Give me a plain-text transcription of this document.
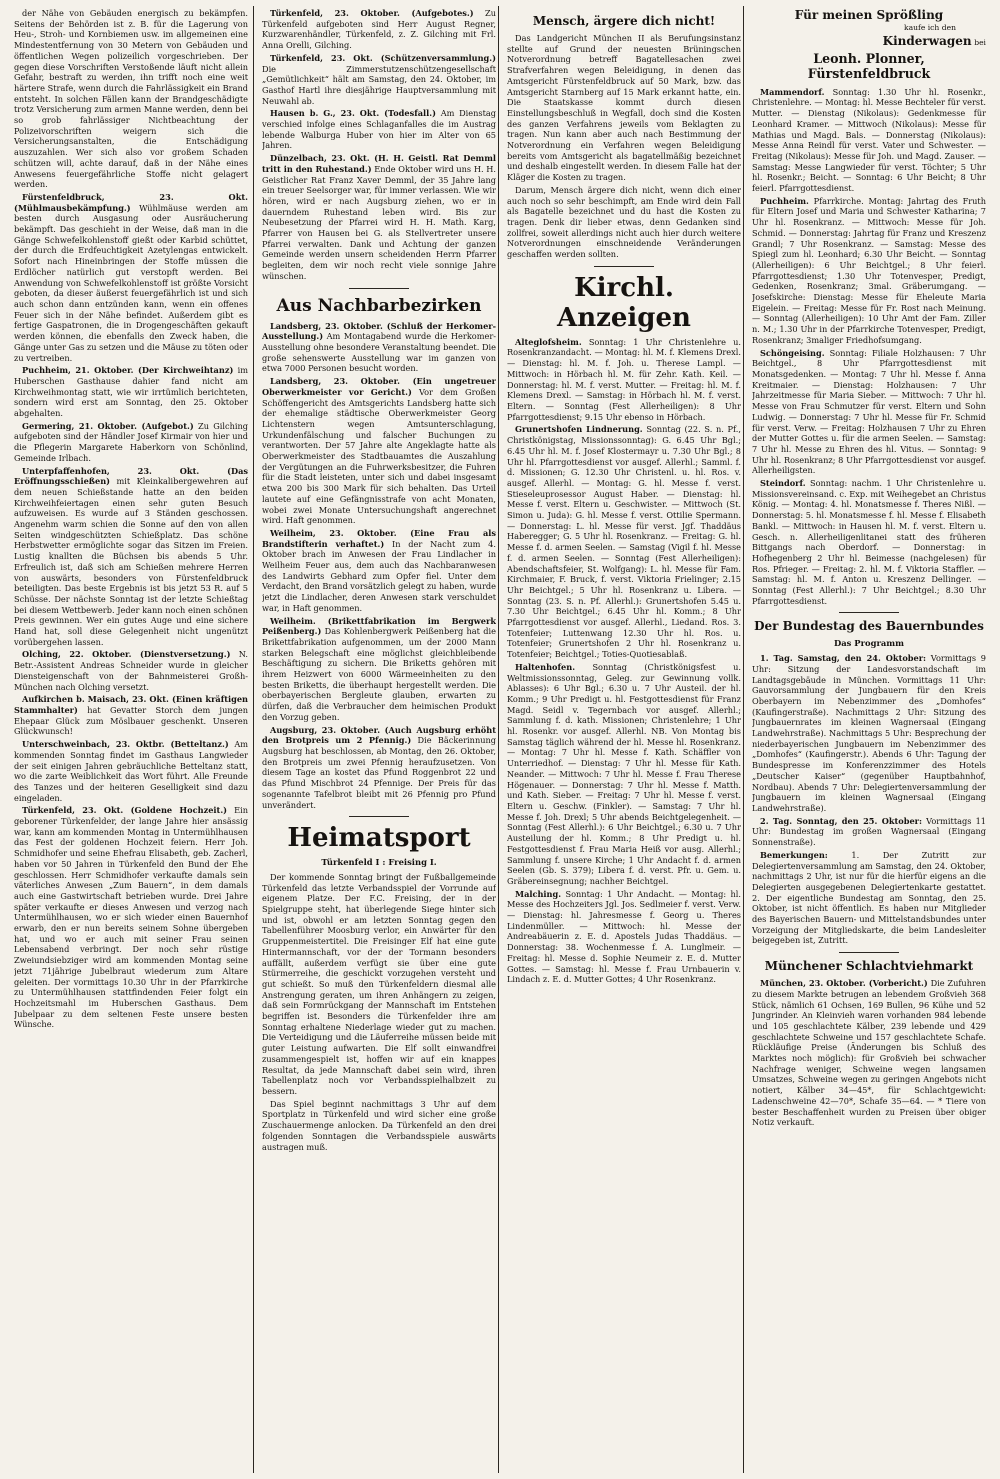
der Nähe von Gebäuden energisch zu bekämpfen. Seitens der Behörden ist z. B. für die Lagerung von Heu-, Stroh- und Kornbiemen usw. im allgemeinen eine Mindestentfernung von 30 Metern von Gebäuden und öffentlichen Wegen polizeilich vorgeschrieben. Der gegen diese Vorschriften Verstoßende läuft nicht allein Gefahr, bestraft zu werden, ihn trifft noch eine weit härtere Strafe, wenn durch die Fahrlässigkeit ein Brand entsteht. In solchen Fällen kann der Brandgeschädigte trotz Versicherung zum armen Manne werden, denn bei so grob fahrlässiger Nichtbeachtung der Polizeivorschriften weigern sich die Versicherungsanstalten, die Entschädigung auszuzahlen. Wer sich also vor großem Schaden schützen will, achte darauf, daß in der Nähe eines Anwesens feuergefährliche Stoffe nicht gelagert werden.

Fürstenfeldbruck, 23. Okt. (Mühlmausbekämpfung.) Wühlmäuse werden am besten durch Ausgasung oder Ausräucherung bekämpft. Das geschieht in der Weise, daß man in die Gänge Schwefelkohlenstoff gießt oder Karbid schüttet, der durch die Erdfeuchtigkeit Azetylengas entwickelt. Sofort nach Hineinbringen der Stoffe müssen die Erdlöcher natürlich gut verstopft werden. Bei Anwendung von Schwefelkohlenstoff ist größte Vorsicht geboten, da dieser äußerst feuergefährlich ist und sich auch schon dann entzünden kann, wenn ein offenes Feuer sich in der Nähe befindet. Außerdem gibt es fertige Gaspatronen, die in Drogengeschäften gekauft werden können, die ebenfalls den Zweck haben, die Gänge unter Gas zu setzen und die Mäuse zu töten oder zu vertreiben.

Puchheim, 21. Oktober. (Der Kirchweihtanz) im Huberschen Gasthause dahier fand nicht am Kirchweihmontag statt, wie wir irrtümlich berichteten, sondern wird erst am Sonntag, den 25. Oktober abgehalten.

Germering, 21. Oktober. (Aufgebot.) Zu Gilching aufgeboten sind der Händler Josef Kirmair von hier und die Pflegerin Margarete Haberkorn von Schönlind, Gemeinde Irlbach.

Unterpfaffenhofen, 23. Okt. (Das Eröffnungsschießen) mit Kleinkalibergewehren auf dem neuen Schießstande hatte an den beiden Kirchweihfeiertagen einen sehr guten Besuch aufzuweisen. Es wurde auf 3 Ständen geschossen. Angenehm warm schien die Sonne auf den von allen Seiten windgeschützten Schießplatz. Das schöne Herbstwetter ermöglichte sogar das Sitzen im Freien. Lustig knallten die Büchsen bis abends 5 Uhr. Erfreulich ist, daß sich am Schießen mehrere Herren von auswärts, besonders von Fürstenfeldbruck beteiligten. Das beste Ergebnis ist bis jetzt 53 R. auf 5 Schüsse. Der nächste Sonntag ist der letzte Schießtag bei diesem Wettbewerb. Jeder kann noch einen schönen Preis gewinnen. Wer ein gutes Auge und eine sichere Hand hat, soll diese Gelegenheit nicht ungenützt vorübergehen lassen.

Olching, 22. Oktober. (Dienstversetzung.) N. Betr.-Assistent Andreas Schneider wurde in gleicher Diensteigenschaft von der Bahnmeisterei Großh-München nach Olching versetzt.

Aufkirchen b. Maisach, 23. Okt. (Einen kräftigen Stammhalter) hat Gevatter Storch dem jungen Ehepaar Glück zum Möslbauer geschenkt. Unseren Glückwunsch!

Unterschweinbach, 23. Oktbr. (Betteltanz.) Am kommenden Sonntag findet im Gasthaus Langwieder der seit einigen Jahren gebräuchliche Betteltanz statt, wo die zarte Weiblichkeit das Wort führt. Alle Freunde des Tanzes und der heiteren Geselligkeit sind dazu eingeladen.

Türkenfeld, 23. Okt. (Goldene Hochzeit.) Ein geborener Türkenfelder, der lange Jahre hier ansässig war, kann am kommenden Montag in Untermühlhausen das Fest der goldenen Hochzeit feiern. Herr Joh. Schmidhofer und seine Ehefrau Elisabeth, geb. Zacherl, haben vor 50 Jahren in Türkenfeld den Bund der Ehe geschlossen. Herr Schmidhofer verkaufte damals sein väterliches Anwesen „Zum Bauern“, in dem damals auch eine Gastwirtschaft betrieben wurde. Drei Jahre später verkaufte er dieses Anwesen und verzog nach Untermühlhausen, wo er sich wieder einen Bauernhof erwarb, den er nun bereits seinem Sohne übergeben hat, und wo er auch mit seiner Frau seinen Lebensabend verbringt. Der noch sehr rüstige Zweiundsiebziger wird am kommenden Montag seine jetzt 71jährige Jubelbraut wiederum zum Altare geleiten. Der vormittags 10.30 Uhr in der Pfarrkirche zu Untermühlhausen stattfindenden Feier folgt ein Hochzeitsmahl im Huberschen Gasthaus. Dem Jubelpaar zu dem seltenen Feste unsere besten Wünsche.

Türkenfeld, 23. Oktober. (Aufgebotes.) Zu Türkenfeld aufgeboten sind Herr August Regner, Kurzwarenhändler, Türkenfeld, z. Z. Gilching mit Frl. Anna Orelli, Gilching.

Türkenfeld, 23. Okt. (Schützenversammlung.) Die Zimmerstutzenschützengesellschaft „Gemütlichkeit“ hält am Samstag, den 24. Oktober, im Gasthof Hartl ihre diesjährige Hauptversammlung mit Neuwahl ab.

Hausen b. G., 23. Okt. (Todesfall.) Am Dienstag verschied infolge eines Schlaganfalles die im Austrag lebende Walburga Huber von hier im Alter von 65 Jahren.

Dünzelbach, 23. Okt. (H. H. Geistl. Rat Demml tritt in den Ruhestand.) Ende Oktober wird uns H. H. Geistlicher Rat Franz Xaver Demml, der 35 Jahre lang ein treuer Seelsorger war, für immer verlassen. Wie wir hören, wird er nach Augsburg ziehen, wo er in dauerndem Ruhestand leben wird. Bis zur Neubesetzung der Pfarrei wird H. H. Math. Karg, Pfarrer von Hausen bei G. als Stellvertreter unsere Pfarrei verwalten. Dank und Achtung der ganzen Gemeinde werden unsern scheidenden Herrn Pfarrer begleiten, dem wir noch recht viele sonnige Jahre wünschen.

Aus Nachbarbezirken

Landsberg, 23. Oktober. (Schluß der Herkomer-Ausstellung.) Am Montagabend wurde die Herkomer-Ausstellung ohne besondere Veranstaltung beendet. Die große sehenswerte Ausstellung war im ganzen von etwa 7000 Personen besucht worden.

Landsberg, 23. Oktober. (Ein ungetreuer Oberwerkmeister vor Gericht.) Vor dem Großen Schöffengericht des Amtsgerichts Landsberg hatte sich der ehemalige städtische Oberwerkmeister Georg Lichtenstern wegen Amtsunterschlagung, Urkundenfälschung und falscher Buchungen zu verantworten. Der 57 Jahre alte Angeklagte hatte als Oberwerkmeister des Stadtbauamtes die Auszahlung der Vergütungen an die Fuhrwerksbesitzer, die Fuhren für die Stadt leisteten, unter sich und dabei insgesamt etwa 200 bis 300 Mark für sich behalten. Das Urteil lautete auf eine Gefängnisstrafe von acht Monaten, wobei zwei Monate Untersuchungshaft angerechnet wird. Haft genommen.

Weilheim, 23. Oktober. (Eine Frau als Brandstifterin verhaftet.) In der Nacht zum 4. Oktober brach im Anwesen der Frau Lindlacher in Weilheim Feuer aus, dem auch das Nachbaranwesen des Landwirts Gebhard zum Opfer fiel. Unter dem Verdacht, den Brand vorsätzlich gelegt zu haben, wurde jetzt die Lindlacher, deren Anwesen stark verschuldet war, in Haft genommen.

Weilheim. (Brikettfabrikation im Bergwerk Peißenberg.) Das Kohlenbergwerk Peißenberg hat die Brikettfabrikation aufgenommen, um der 2000 Mann starken Belegschaft eine möglichst gleichbleibende Beschäftigung zu sichern. Die Briketts gehören mit ihrem Heizwert von 6000 Wärmeeinheiten zu den besten Briketts, die überhaupt hergestellt werden. Die oberbayerischen Bergleute glauben, erwarten zu dürfen, daß die Verbraucher dem heimischen Produkt den Vorzug geben.

Augsburg, 23. Oktober. (Auch Augsburg erhöht den Brotpreis um 2 Pfennig.) Die Bäckerinnung Augsburg hat beschlossen, ab Montag, den 26. Oktober, den Brotpreis um zwei Pfennig heraufzusetzen. Von diesem Tage an kostet das Pfund Roggenbrot 22 und das Pfund Mischbrot 24 Pfennige. Der Preis für das sogenannte Tafelbrot bleibt mit 26 Pfennig pro Pfund unverändert.

Heimatsport
Türkenfeld I : Freising I.

Der kommende Sonntag bringt der Fußballgemeinde Türkenfeld das letzte Verbandsspiel der Vorrunde auf eigenem Platze. Der F.C. Freising, der in der Spielgruppe steht, hat überlegende Siege hinter sich und ist, obwohl er am letzten Sonntag gegen den Tabellenführer Moosburg verlor, ein Anwärter für den Gruppenmeistertitel. Die Freisinger Elf hat eine gute Hintermannschaft, vor der der Tormann besonders auffällt, außerdem verfügt sie über eine gute Stürmerreihe, die geschickt vorzugehen versteht und gut schießt. So muß den Türkenfeldern diesmal alle Anstrengung geraten, um ihren Anhängern zu zeigen, daß sein Formrückgang der Mannschaft im Entstehen begriffen ist. Besonders die Türkenfelder ihre am Sonntag erhaltene Niederlage wieder gut zu machen. Die Verteidigung und die Läuferreihe müssen beide mit guter Leistung aufwarten. Die Elf sollt einwandfrei zusammengespielt ist, hoffen wir auf ein knappes Resultat, da jede Mannschaft dabei sein wird, ihren Tabellenplatz noch vor Verbandsspielhalbzeit zu bessern.

Das Spiel beginnt nachmittags 3 Uhr auf dem Sportplatz in Türkenfeld und wird sicher eine große Zuschauermenge anlocken. Da Türkenfeld an den drei folgenden Sonntagen die Verbandsspiele auswärts austragen muß.

Mensch, ärgere dich nicht!

Das Landgericht München II als Berufungsinstanz stellte auf Grund der neuesten Brüningschen Notverordnung betreff Bagatellesachen zwei Strafverfahren wegen Beleidigung, in denen das Amtsgericht Fürstenfeldbruck auf 50 Mark, bzw. das Amtsgericht Starnberg auf 15 Mark erkannt hatte, ein. Die Staatskasse kommt durch diesen Einstellungsbeschluß in Wegfall, doch sind die Kosten des ganzen Verfahrens jeweils vom Beklagten zu tragen. Nun kann aber auch nach Bestimmung der Notverordnung ein Verfahren wegen Beleidigung bereits vom Amtsgericht als bagatellmäßig bezeichnet und deshalb eingestellt werden. In diesem Falle hat der Kläger die Kosten zu tragen.

Darum, Mensch ärgere dich nicht, wenn dich einer auch noch so sehr beschimpft, am Ende wird dein Fall als Bagatelle bezeichnet und du hast die Kosten zu tragen. Denk dir lieber etwas, denn Gedanken sind zollfrei, soweit allerdings nicht auch hier durch weitere Notverordnungen einschneidende Veränderungen geschaffen werden sollten.

Kirchl. Anzeigen

Alteglofsheim. Sonntag: 1 Uhr Christenlehre u. Rosenkranzandacht. — Montag: hl. M. f. Klemens Drexl. — Dienstag: hl. M. f. Joh. u. Therese Lampl. — Mittwoch: in Hörbach hl. M. für Zehr. Kath. Keil. — Donnerstag: hl. M. f. verst. Mutter. — Freitag: hl. M. f. Klemens Drexl. — Samstag: in Hörbach hl. M. f. verst. Eltern. — Sonntag (Fest Allerheiligen): 8 Uhr Pfarrgottesdienst; 9.15 Uhr ebenso in Hörbach.

Grunertshofen Lindnerung. Sonntag (22. S. n. Pf., Christkönigstag, Missionssonntag): G. 6.45 Uhr Bgl.; 6.45 Uhr hl. M. f. Josef Klostermayr u. 7.30 Uhr Bgl.; 8 Uhr hl. Pfarrgottesdienst vor ausgef. Allerhl.; Samml. f. d. Missionen; G. 12.30 Uhr Christenl. u. hl. Ros. v. ausgef. Allerhl. — Montag: G. hl. Messe f. verst. Stieseleuprosessor August Haber. — Dienstag: hl. Messe f. verst. Eltern u. Geschwister. — Mittwoch (St. Simon u. Juda): G. hl. Messe f. verst. Ottilie Spermann. — Donnerstag: L. hl. Messe für verst. Jgf. Thaddäus Haberegger; G. 5 Uhr hl. Rosenkranz. — Freitag: G. hl. Messe f. d. armen Seelen. — Samstag (Vigil f. hl. Messe f. d. armen Seelen. — Sonntag (Fest Allerheiligen): Abendschaftsfeier, St. Wolfgang): L. hl. Messe für Fam. Kirchmaier, F. Bruck, f. verst. Viktoria Frielinger; 2.15 Uhr Beichtgel.; 5 Uhr hl. Rosenkranz u. Libera. — Sonntag (23. S. n. Pf. Allerhl.): Grunertshofen 5.45 u. 7.30 Uhr Beichtgel.; 6.45 Uhr hl. Komm.; 8 Uhr Pfarrgottesdienst vor ausgef. Allerhl., Liedand. Ros. 3. Totenfeier; Luttenwang 12.30 Uhr hl. Ros. u. Totenfeier; Grunertshofen 2 Uhr hl. Rosenkranz u. Totenfeier; Beichtgel.; Toties-Quotiesablaß.

Haltenhofen. Sonntag (Christkönigsfest u. Weltmissionssonntag, Geleg. zur Gewinnung vollk. Ablasses): 6 Uhr Bgl.; 6.30 u. 7 Uhr Austeil. der hl. Komm.; 9 Uhr Predigt u. hl. Festgottesdienst für Franz Magd. Seidl v. Tegernbach vor ausgef. Allerhl.; Sammlung f. d. kath. Missionen; Christenlehre; 1 Uhr hl. Rosenkr. vor ausgef. Allerhl. NB. Von Montag bis Samstag täglich während der hl. Messe hl. Rosenkranz. — Montag: 7 Uhr hl. Messe f. Kath. Schäffler von Unterriedhof. — Dienstag: 7 Uhr hl. Messe für Kath. Neander. — Mittwoch: 7 Uhr hl. Messe f. Frau Therese Högenauer. — Donnerstag: 7 Uhr hl. Messe f. Matth. und Kath. Sieber. — Freitag: 7 Uhr hl. Messe f. verst. Eltern u. Geschw. (Finkler). — Samstag: 7 Uhr hl. Messe f. Joh. Drexl; 5 Uhr abends Beichtgelegenheit. — Sonntag (Fest Allerhl.): 6 Uhr Beichtgel.; 6.30 u. 7 Uhr Austeilung der hl. Komm.; 8 Uhr Predigt u. hl. Festgottesdienst f. Frau Maria Heiß vor ausg. Allerhl.; Sammlung f. unsere Kirche; 1 Uhr Andacht f. d. armen Seelen (Gb. S. 379); Libera f. d. verst. Pfr. u. Gem. u. Gräbereinsegnung; nachher Beichtgel.

Malching. Sonntag: 1 Uhr Andacht. — Montag: hl. Messe des Hochzeiters Jgl. Jos. Sedlmeier f. verst. Verw. — Dienstag: hl. Jahresmesse f. Georg u. Theres Lindenmüller. — Mittwoch: hl. Messe der Andreabäuerin z. E. d. Apostels Judas Thaddäus. — Donnerstag: 38. Wochenmesse f. A. Lunglmeir. — Freitag: hl. Messe d. Sophie Neumeir z. E. d. Mutter Gottes. — Samstag: hl. Messe f. Frau Urnbauerin v. Lindach z. E. d. Mutter Gottes; 4 Uhr Rosenkranz.

Für meinen Sprößling
kaufe ich den
Kinderwagen bei
Leonh. Plonner, Fürstenfeldbruck

Mammendorf. Sonntag: 1.30 Uhr hl. Rosenkr., Christenlehre. — Montag: hl. Messe Bechteler für verst. Mutter. — Dienstag (Nikolaus): Gedenkmesse für Leonhard Kramer. — Mittwoch (Nikolaus): Messe für Mathias und Magd. Bals. — Donnerstag (Nikolaus): Messe Anna Reindl für verst. Vater und Schwester. — Freitag (Nikolaus): Messe für Joh. und Magd. Zauser. — Samstag: Messe Langwieder für verst. Töchter; 5 Uhr hl. Rosenkr.; Beicht. — Sonntag: 6 Uhr Beicht; 8 Uhr feierl. Pfarrgottesdienst.

Puchheim. Pfarrkirche. Montag: Jahrtag des Fruth für Eltern Josef und Maria und Schwester Katharina; 7 Uhr hl. Rosenkranz. — Mittwoch: Messe für Joh. Schmid. — Donnerstag: Jahrtag für Franz und Kreszenz Grandl; 7 Uhr Rosenkranz. — Samstag: Messe des Spiegl zum hl. Leonhard; 6.30 Uhr Beicht. — Sonntag (Allerheiligen): 6 Uhr Beichtgel.; 8 Uhr feierl. Pfarrgottesdienst; 1.30 Uhr Totenvesper, Predigt, Gedenken, Rosenkranz; 3mal. Gräberumgang. — Josefskirche: Dienstag: Messe für Eheleute Maria Eigelein. — Freitag: Messe für Fr. Rost nach Meinung. — Sonntag (Allerheiligen): 10 Uhr Amt der Fam. Ziller n. M.; 1.30 Uhr in der Pfarrkirche Totenvesper, Predigt, Rosenkranz; 3maliger Friedhofsumgang.

Schöngeising. Sonntag: Filiale Holzhausen: 7 Uhr Beichtgel., 8 Uhr Pfarrgottesdienst mit Monatsgedenken. — Montag: 7 Uhr hl. Messe f. Anna Kreitmaier. — Dienstag: Holzhausen: 7 Uhr Jahrzeitmesse für Maria Sieber. — Mittwoch: 7 Uhr hl. Messe von Frau Schmutzer für verst. Eltern und Sohn Ludwig. — Donnerstag: 7 Uhr hl. Messe für Fr. Schmid für verst. Verw. — Freitag: Holzhausen 7 Uhr zu Ehren der Mutter Gottes u. für die armen Seelen. — Samstag: 7 Uhr hl. Messe zu Ehren des hl. Vitus. — Sonntag: 9 Uhr hl. Rosenkranz; 8 Uhr Pfarrgottesdienst vor ausgef. Allerheiligsten.

Steindorf. Sonntag: nachm. 1 Uhr Christenlehre u. Missionsvereinsand. c. Exp. mit Weihegebet an Christus König. — Montag: 4. hl. Monatsmesse f. Theres Nißl. — Donnerstag: 5. hl. Monatsmesse f. hl. Messe f. Elisabeth Bankl. — Mittwoch: in Hausen hl. M. f. verst. Eltern u. Gesch. n. Allerheiligenlitanei statt des früheren Bittgangs nach Oberdorf. — Donnerstag: in Hofhegenberg 2 Uhr hl. Beimesse (nachgelesen) für Ros. Pfrieger. — Freitag: 2. hl. M. f. Viktoria Staffler. — Samstag: hl. M. f. Anton u. Kreszenz Dellinger. — Sonntag (Fest Allerhl.): 7 Uhr Beichtgel.; 8.30 Uhr Pfarrgottesdienst.

Der Bundestag des Bauernbundes
Das Programm

1. Tag. Samstag, den 24. Oktober: Vormittags 9 Uhr: Sitzung der Landesvorstandschaft im Landtagsgebäude in München. Vormittags 11 Uhr: Gauvorsammlung der Jungbauern für den Kreis Oberbayern im Nebenzimmer des „Domhofes“ (Kaufingerstraße). Nachmittags 2 Uhr: Sitzung des Jungbauernrates im kleinen Wagnersaal (Eingang Landwehrstraße). Nachmittags 5 Uhr: Besprechung der niederbayerischen Jungbauern im Nebenzimmer des „Domhofes“ (Kaufingerstr.). Abends 6 Uhr: Tagung der Bundespresse im Konferenzzimmer des Hotels „Deutscher Kaiser“ (gegenüber Hauptbahnhof, Nordbau). Abends 7 Uhr: Delegiertenversammlung der Jungbauern im kleinen Wagnersaal (Eingang Landwehrstraße).

2. Tag. Sonntag, den 25. Oktober: Vormittags 11 Uhr: Bundestag im großen Wagnersaal (Eingang Sonnenstraße).

Bemerkungen:	1. Der Zutritt zur Delegiertenversammlung am Samstag, den 24. Oktober, nachmittags 2 Uhr, ist nur für die hierfür eigens an die Delegierten ausgegebenen Delegiertenkarte gestattet. 2. Der eigentliche Bundestag am Sonntag, den 25. Oktober, ist nicht öffentlich. Es haben nur Mitglieder des Bayerischen Bauern- und Mittelstandsbundes unter Vorzeigung der Mitgliedskarte, die beim Landesleiter beigegeben ist, Zutritt.

Münchener Schlachtviehmarkt

München, 23. Oktober. (Vorbericht.) Die Zufuhren zu diesem Markte betrugen an lebendem Großvieh 368 Stück, nämlich 61 Ochsen, 169 Bullen, 96 Kühe und 52 Jungrinder. An Kleinvieh waren vorhanden 984 lebende und 105 geschlachtete Kälber, 239 lebende und 429 geschlachtete Schweine und 157 geschlachtete Schafe. Rückläufige Preise (Änderungen bis Schluß des Marktes noch möglich): für Großvieh bei schwacher Nachfrage weniger, Schweine wegen langsamen Umsatzes, Schweine wegen zu geringen Angebots nicht notiert, Kälber 34—45*, für Schlachtgewicht: Ladenschweine 42—70*, Schafe 35—64. — * Tiere von bester Beschaffenheit wurden zu Preisen über obiger Notiz verkauft.
